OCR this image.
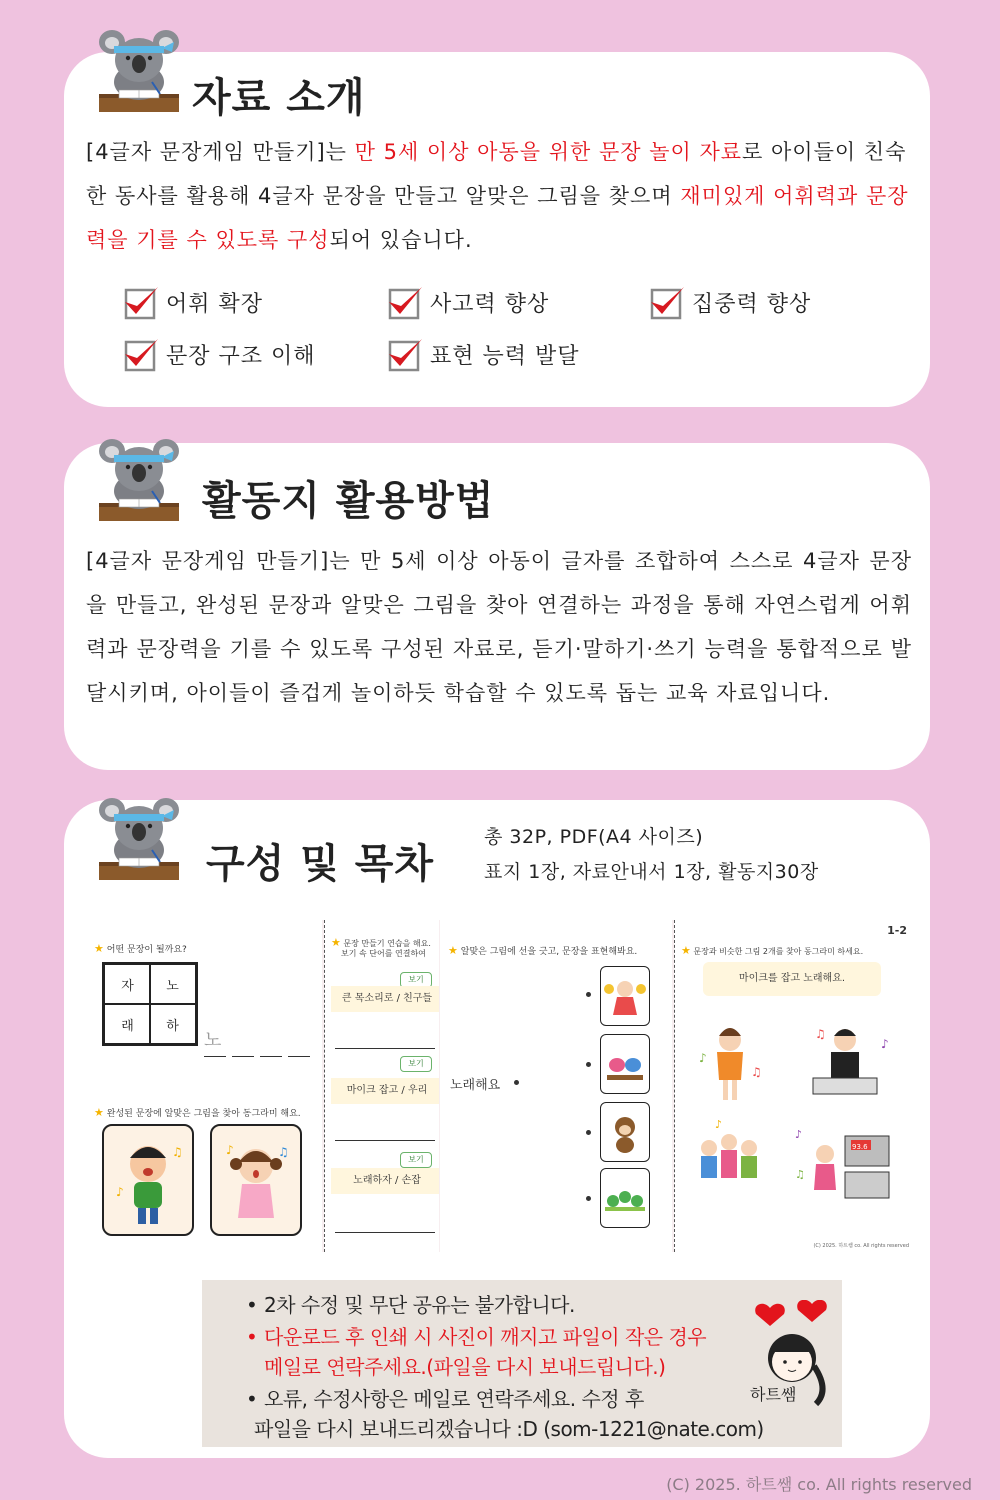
자료 소개

[4글자 문장게임 만들기]는 만 5세 이상 아동을 위한 문장 놀이 자료로 아이들이 친숙한 동사를 활용해 4글자 문장을 만들고 알맞은 그림을 찾으며 재미있게 어휘력과 문장력을 기를 수 있도록 구성되어 있습니다.

어휘 확장	사고력 향상	집중력 향상
문장 구조 이해	표현 능력 발달
활동지 활용방법

[4글자 문장게임 만들기]는 만 5세 이상 아동이 글자를 조합하여 스스로 4글자 문장을 만들고, 완성된 문장과 알맞은 그림을 찾아 연결하는 과정을 통해 자연스럽게 어휘력과 문장력을 기를 수 있도록 구성된 자료로, 듣기·말하기·쓰기 능력을 통합적으로 발달시키며, 아이들이 즐겁게 놀이하듯 학습할 수 있도록 돕는 교육 자료입니다.

구성 및 목차
총 32P, PDF(A4 사이즈)
표지 1장, 자료안내서 1장, 활동지30장
★ 어떤 문장이 될까요?
자	노
래	하
노
★ 완성된 문장에 알맞은 그림을 찾아 동그라미 해요.
♪
♫	♪	♫
★ 문장 만들기 연습을 해요.
보기 속 단어를 연결하여
보기
큰 목소리로 / 친구들
보기
마이크 잡고 / 우리
보기
노래하자 / 손잡
★ 알맞은 그림에 선을 긋고, 문장을 표현해봐요.
노래해요
1-2
★ 문장과 비슷한 그림 2개를 찾아 동그라미 하세요.
마이크를 잡고 노래해요.
♪
♫
♪
♫
♪
93.6
♪
♫
(C) 2025. 하트쌤 co. All rights reserved
• 2차 수정 및 무단 공유는 불가합니다.
• 다운로드 후 인쇄 시 사진이 깨지고 파일이 작은 경우
메일로 연락주세요.(파일을 다시 보내드립니다.)
• 오류, 수정사항은 메일로 연락주세요. 수정 후
파일을 다시 보내드리겠습니다 :D (som-1221@nate.com)
하트쌤
(C) 2025. 하트쌤 co. All rights reserved
